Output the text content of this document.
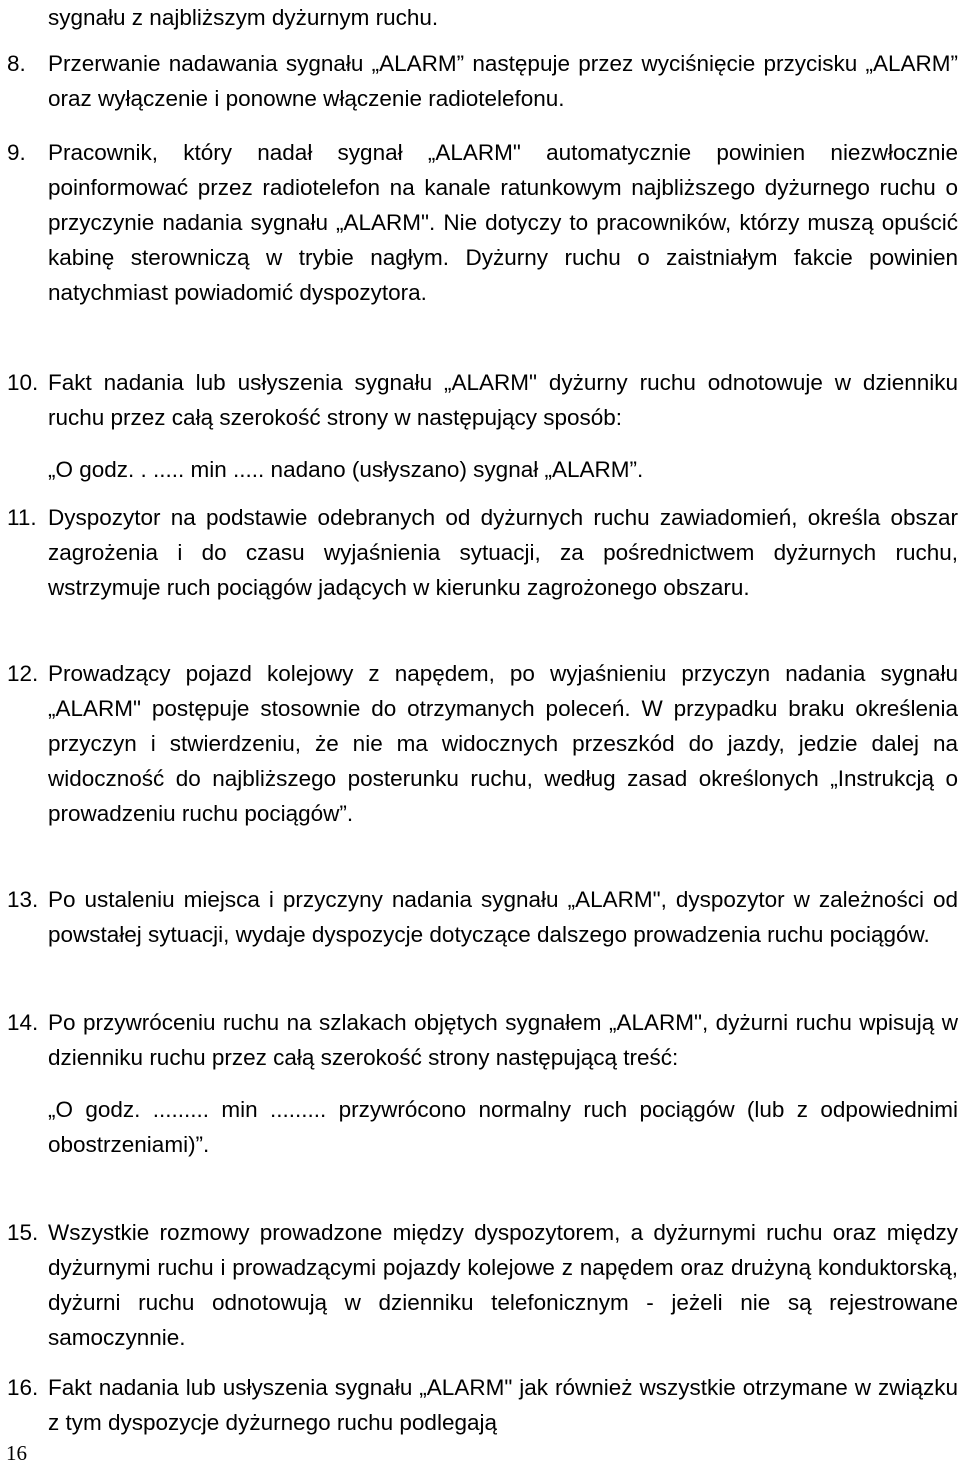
sygnału z najbliższym dyżurnym ruchu.
8. Przerwanie nadawania sygnału „ALARM” następuje przez wyciśnięcie przycisku „ALARM” oraz wyłączenie i ponowne włączenie radiotelefonu.
9. Pracownik, który nadał sygnał „ALARM" automatycznie powinien niezwłocznie poinformować przez radiotelefon na kanale ratunkowym najbliższego dyżurnego ruchu o przyczynie nadania sygnału „ALARM". Nie dotyczy to pracowników, którzy muszą opuścić kabinę sterowniczą w trybie nagłym. Dyżurny ruchu o zaistniałym fakcie powinien natychmiast powiadomić dyspozytora.
10. Fakt nadania lub usłyszenia sygnału „ALARM" dyżurny ruchu odnotowuje w dzienniku ruchu przez całą szerokość strony w następujący sposób:
„O godz. . ..... min ..... nadano (usłyszano) sygnał „ALARM”.
11. Dyspozytor na podstawie odebranych od dyżurnych ruchu zawiadomień, określa obszar zagrożenia i do czasu wyjaśnienia sytuacji, za pośrednictwem dyżurnych ruchu, wstrzymuje ruch pociągów jadących w kierunku zagrożonego obszaru.
12. Prowadzący pojazd kolejowy z napędem, po wyjaśnieniu przyczyn nadania sygnału „ALARM" postępuje stosownie do otrzymanych poleceń. W przypadku braku określenia przyczyn i stwierdzeniu, że nie ma widocznych przeszkód do jazdy, jedzie dalej na widoczność do najbliższego posterunku ruchu, według zasad określonych „Instrukcją o prowadzeniu ruchu pociągów”.
13. Po ustaleniu miejsca i przyczyny nadania sygnału „ALARM", dyspozytor w zależności od powstałej sytuacji, wydaje dyspozycje dotyczące dalszego prowadzenia ruchu pociągów.
14. Po przywróceniu ruchu na szlakach objętych sygnałem „ALARM", dyżurni ruchu wpisują w dzienniku ruchu przez całą szerokość strony następującą treść:
„O godz. ......... min ......... przywrócono normalny ruch pociągów (lub z odpowiednimi obostrzeniami)”.
15. Wszystkie rozmowy prowadzone między dyspozytorem, a dyżurnymi ruchu oraz między dyżurnymi ruchu i prowadzącymi pojazdy kolejowe z napędem oraz drużyną konduktorską, dyżurni ruchu odnotowują w dzienniku telefonicznym - jeżeli nie są rejestrowane samoczynnie.
16. Fakt nadania lub usłyszenia sygnału „ALARM" jak również wszystkie otrzymane w związku z tym dyspozycje dyżurnego ruchu podlegają
16
